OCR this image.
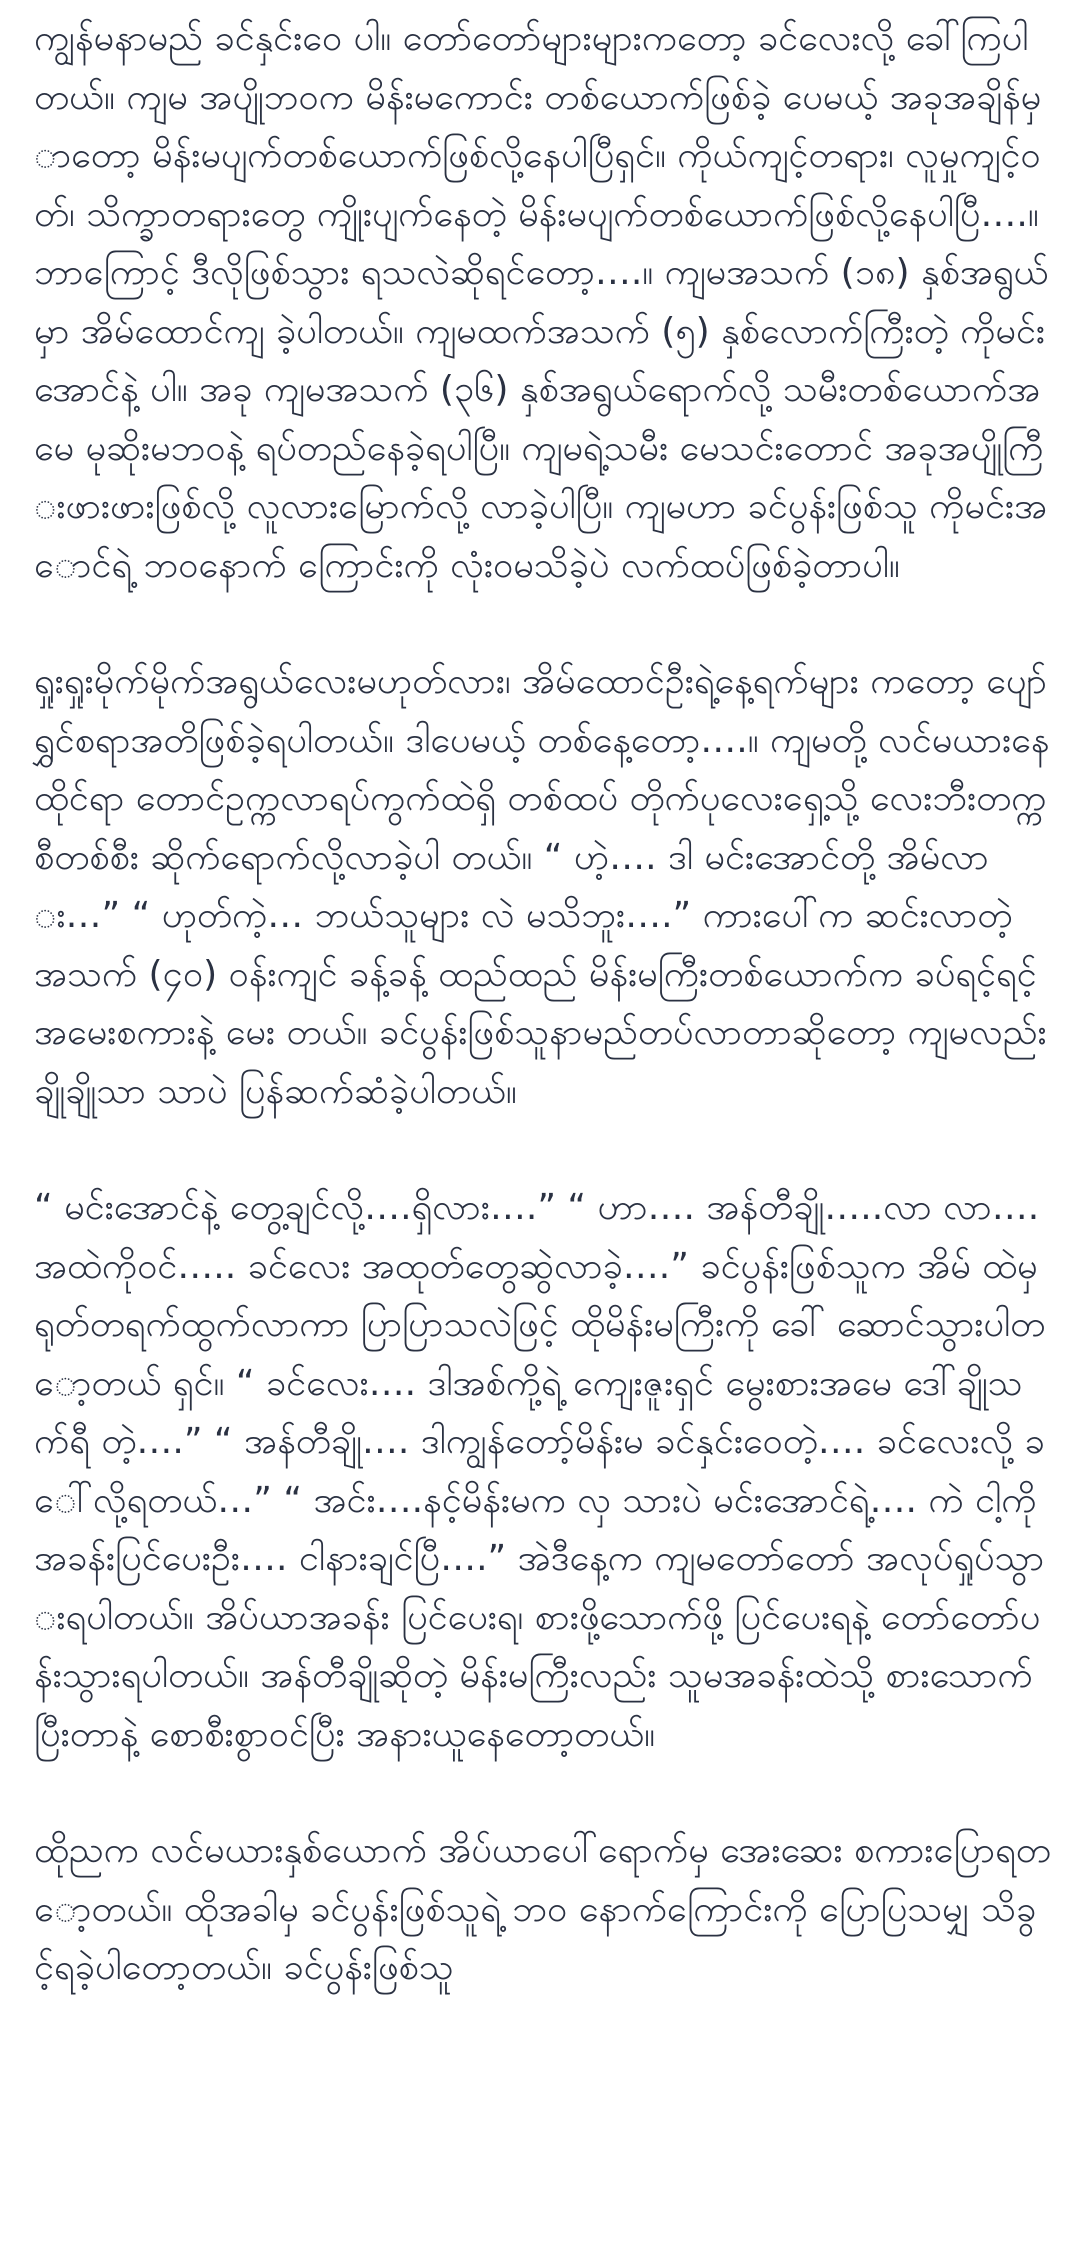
ကျွန်မနာမည် ခင်နှင်းဝေ ပါ။ တော်တော်များများကတော့ ခင်လေးလို့ ခေါ်ကြပါတယ်။ ကျမ အပျိုဘဝက မိန်းမကောင်း တစ်ယောက်ဖြစ်ခဲ့ ပေမယ့် အခုအချိန်မှာတော့ မိန်းမပျက်တစ်ယောက်ဖြစ်လို့နေပါပြီရှင်။ ကိုယ်ကျင့်တရား၊ လူမှုကျင့်ဝတ်၊ သိက္ခာတရားတွေ ကျိုးပျက်နေတဲ့ မိန်းမပျက်တစ်ယောက်ဖြစ်လို့နေပါပြီ….။ ဘာကြောင့် ဒီလိုဖြစ်သွား ရသလဲဆိုရင်တော့….။ ကျမအသက် (၁၈) နှစ်အရွယ်မှာ အိမ်ထောင်ကျ ခဲ့ပါတယ်။ ကျမထက်အသက် (၅) နှစ်လောက်ကြီးတဲ့ ကိုမင်းအောင်နဲ့ ပါ။ အခု ကျမအသက် (၃၆) နှစ်အရွယ်ရောက်လို့ သမီးတစ်ယောက်အ မေ မုဆိုးမဘဝနဲ့ ရပ်တည်နေခဲ့ရပါပြီ။ ကျမရဲ့သမီး မေသင်းတောင် အခုအပျိုကြီးဖားဖားဖြစ်လို့ လူလားမြောက်လို့ လာခဲ့ပါပြီ။ ကျမဟာ ခင်ပွန်းဖြစ်သူ ကိုမင်းအောင်ရဲ့ ဘဝနောက် ကြောင်းကို လုံးဝမသိခဲ့ပဲ လက်ထပ်ဖြစ်ခဲ့တာပါ။

ရှုးရှုးမိုက်မိုက်အရွယ်လေးမဟုတ်လား၊ အိမ်ထောင်ဦးရဲ့နေ့ရက်များ ကတော့ ပျော်ရွှင်စရာအတိဖြစ်ခဲ့ရပါတယ်။ ဒါပေမယ့် တစ်နေ့တော့….။ ကျမတို့ လင်မယားနေထိုင်ရာ တောင်ဥက္ကလာရပ်ကွက်ထဲရှိ တစ်ထပ် တိုက်ပုလေးရှေ့သို့ လေးဘီးတက္ကစီတစ်စီး ဆိုက်ရောက်လို့လာခဲ့ပါ တယ်။ “ ဟဲ့…. ဒါ မင်းအောင်တို့ အိမ်လား…” “ ဟုတ်ကဲ့… ဘယ်သူများ လဲ မသိဘူး….” ကားပေါ်က ဆင်းလာတဲ့ အသက် (၄၀) ဝန်းကျင် ခန့်ခန့် ထည်ထည် မိန်းမကြီးတစ်ယောက်က ခပ်ရင့်ရင့် အမေးစကားနဲ့ မေး တယ်။ ခင်ပွန်းဖြစ်သူနာမည်တပ်လာတာဆိုတော့ ကျမလည်း ချိုချိုသာ သာပဲ ပြန်ဆက်ဆံခဲ့ပါတယ်။

“ မင်းအောင်နဲ့ တွေ့ချင်လို့….ရှိလား….” “ ဟာ…. အန်တီချို…..လာ လာ…. အထဲကိုဝင်….. ခင်လေး အထုတ်တွေဆွဲလာခဲ့….” ခင်ပွန်းဖြစ်သူက အိမ် ထဲမှ ရုတ်တရက်ထွက်လာကာ ပြာပြာသလဲဖြင့် ထိုမိန်းမကြီးကို ခေါ် ဆောင်သွားပါတော့တယ် ရှင်။ “ ခင်လေး…. ဒါအစ်ကို့ရဲ့ ကျေးဇူးရှင် မွေးစားအမေ ဒေါ်ချိုသက်ရီ တဲ့….” “ အန်တီချို…. ဒါကျွန်တော့်မိန်းမ ခင်နှင်းဝေတဲ့…. ခင်လေးလို့ ခေါ်လို့ရတယ်…” “ အင်း….နင့်မိန်းမက လှ သားပဲ မင်းအောင်ရဲ့…. ကဲ ငါ့ကို အခန်းပြင်ပေးဦး…. ငါနားချင်ပြီ….” အဲဒီနေ့က ကျမတော်တော် အလုပ်ရှုပ်သွားရပါတယ်။ အိပ်ယာအခန်း ပြင်ပေးရ၊ စားဖို့သောက်ဖို့ ပြင်ပေးရနဲ့ တော်တော်ပန်းသွားရပါတယ်။ အန်တီချိုဆိုတဲ့ မိန်းမကြီးလည်း သူမအခန်းထဲသို့ စားသောက်ပြီးတာနဲ့ စောစီးစွာဝင်ပြီး အနားယူနေတော့တယ်။

ထိုညက လင်မယားနှစ်ယောက် အိပ်ယာပေါ်ရောက်မှ အေးဆေး စကားပြောရတော့တယ်။ ထိုအခါမှ ခင်ပွန်းဖြစ်သူရဲ့ ဘဝ နောက်ကြောင်းကို ပြောပြသမျှ သိခွင့်ရခဲ့ပါတော့တယ်။ ခင်ပွန်းဖြစ်သူ
